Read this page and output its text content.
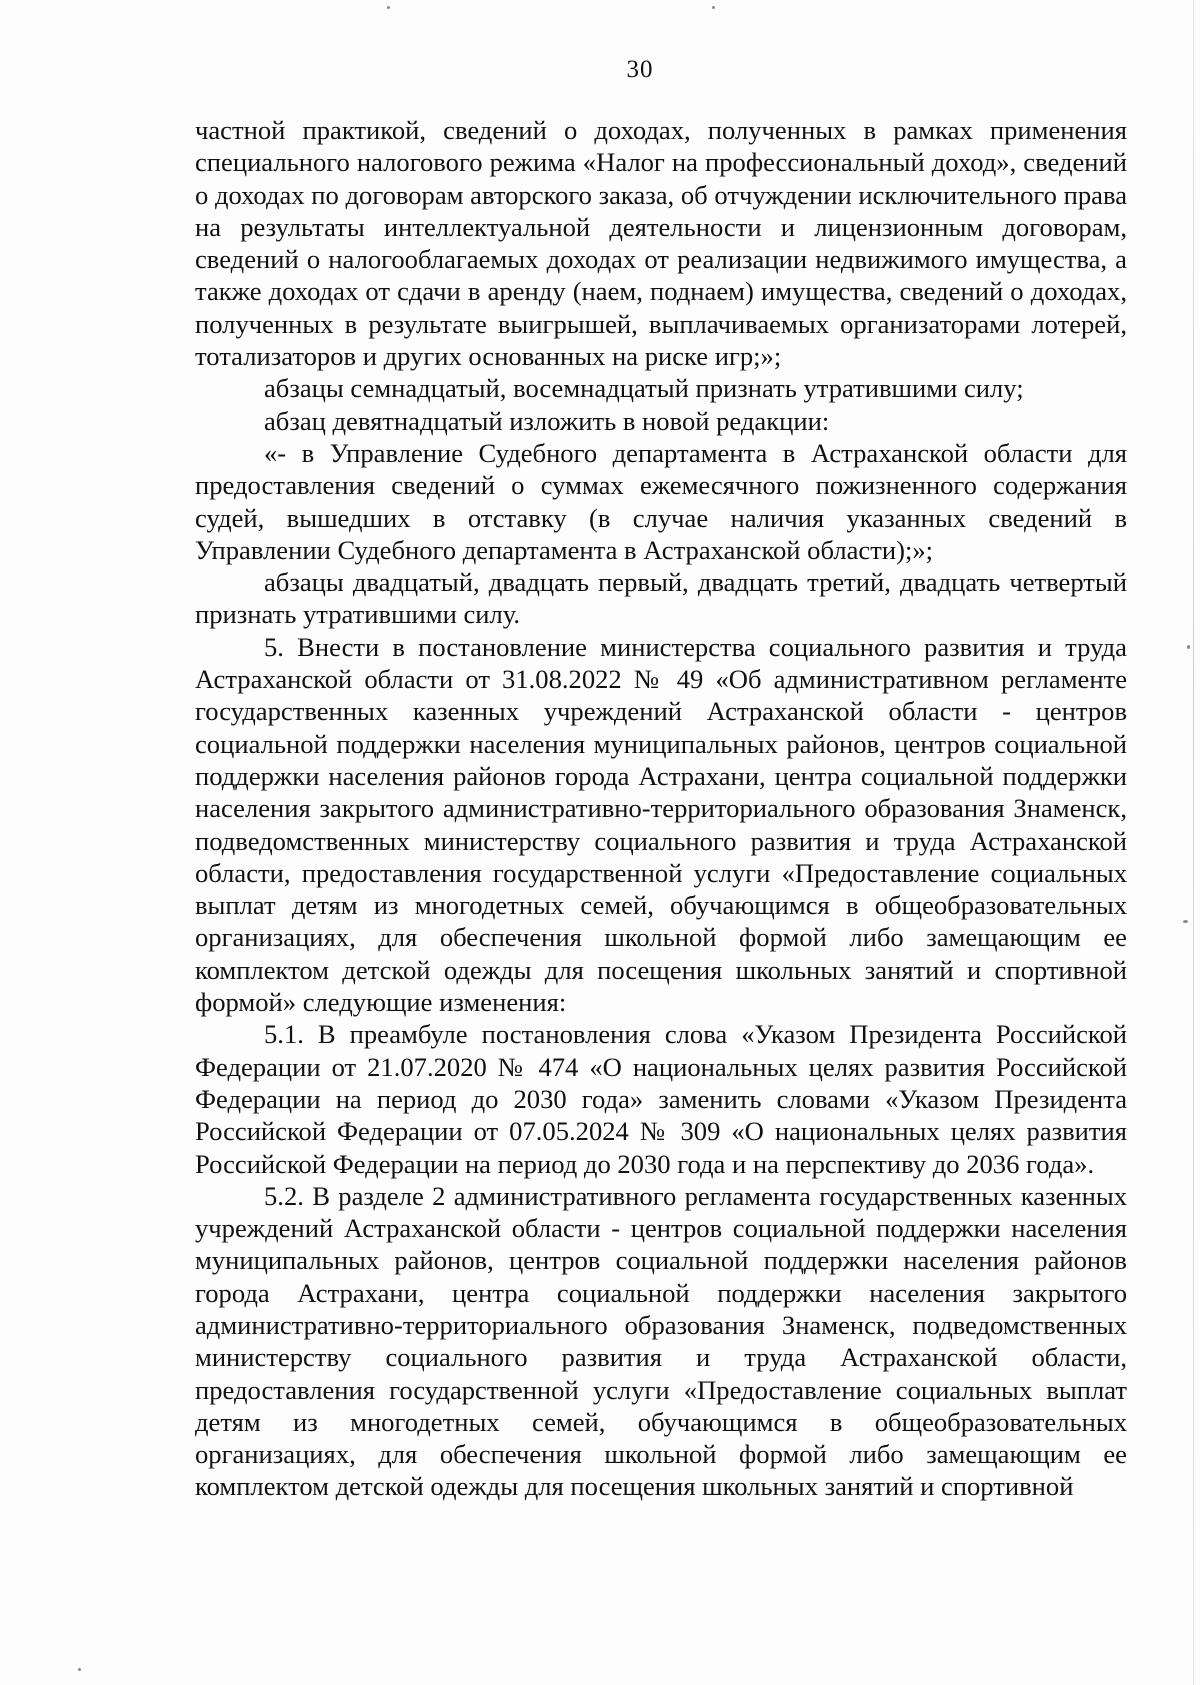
30

частной практикой, сведений о доходах, полученных в рамках применения специального налогового режима «Налог на профессиональный доход», сведений о доходах по договорам авторского заказа, об отчуждении исключительного права на результаты интеллектуальной деятельности и лицензионным договорам, сведений о налогооблагаемых доходах от реализации недвижимого имущества, а также доходах от сдачи в аренду (наем, поднаем) имущества, сведений о доходах, полученных в результате выигрышей, выплачиваемых организаторами лотерей, тотализаторов и других основанных на риске игр;»;

абзацы семнадцатый, восемнадцатый признать утратившими силу;

абзац девятнадцатый изложить в новой редакции:

«- в Управление Судебного департамента в Астраханской области для предоставления сведений о суммах ежемесячного пожизненного содержания судей, вышедших в отставку (в случае наличия указанных сведений в Управлении Судебного департамента в Астраханской области);»;

абзацы двадцатый, двадцать первый, двадцать третий, двадцать четвертый признать утратившими силу.

5. Внести в постановление министерства социального развития и труда Астраханской области от 31.08.2022 № 49 «Об административном регламенте государственных казенных учреждений Астраханской области - центров социальной поддержки населения муниципальных районов, центров социальной поддержки населения районов города Астрахани, центра социальной поддержки населения закрытого административно-территориального образования Знаменск, подведомственных министерству социального развития и труда Астраханской области, предоставления государственной услуги «Предоставление социальных выплат детям из многодетных семей, обучающимся в общеобразовательных организациях, для обеспечения школьной формой либо замещающим ее комплектом детской одежды для посещения школьных занятий и спортивной формой» следующие изменения:

5.1. В преамбуле постановления слова «Указом Президента Российской Федерации от 21.07.2020 № 474 «О национальных целях развития Российской Федерации на период до 2030 года» заменить словами «Указом Президента Российской Федерации от 07.05.2024 № 309 «О национальных целях развития Российской Федерации на период до 2030 года и на перспективу до 2036 года».

5.2. В разделе 2 административного регламента государственных казенных учреждений Астраханской области - центров социальной поддержки населения муниципальных районов, центров социальной поддержки населения районов города Астрахани, центра социальной поддержки населения закрытого административно-территориального образования Знаменск, подведомственных министерству социального развития и труда Астраханской области, предоставления государственной услуги «Предоставление социальных выплат детям из многодетных семей, обучающимся в общеобразовательных организациях, для обеспечения школьной формой либо замещающим ее комплектом детской одежды для посещения школьных занятий и спортивной
